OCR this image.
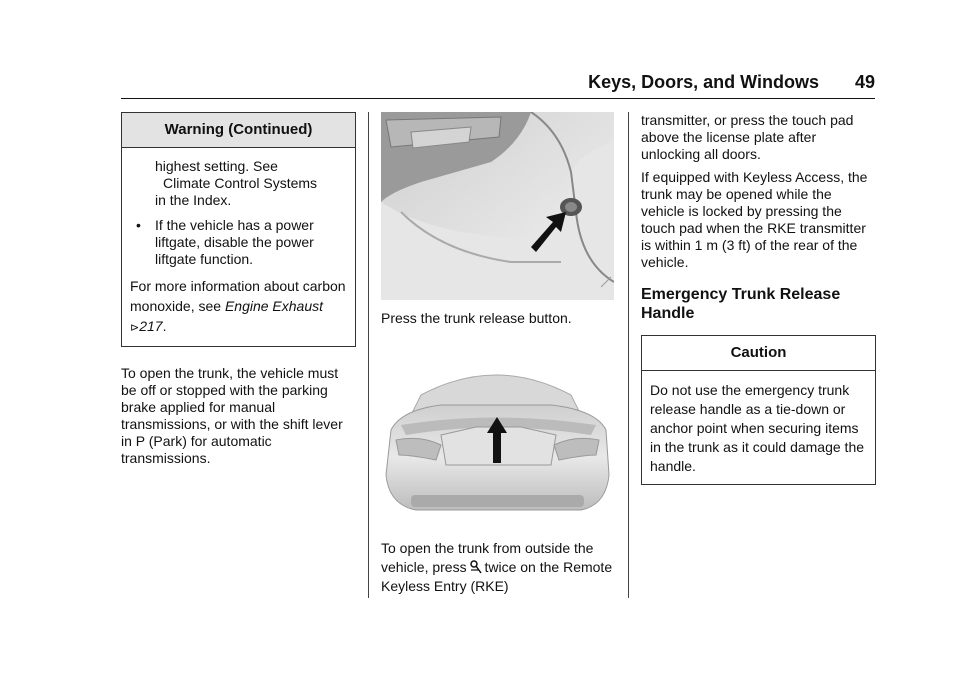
Keys, Doors, and Windows 49
Warning (Continued)
highest setting. See
Climate Control Systems
in the Index.
• If the vehicle has a power liftgate, disable the power liftgate function.
For more information about carbon monoxide, see Engine Exhaust ⊳217.

To open the trunk, the vehicle must be off or stopped with the parking brake applied for manual transmissions, or with the shift lever in P (Park) for automatic transmissions.

Press the trunk release button.

To open the trunk from outside the vehicle, press twice on the Remote Keyless Entry (RKE)

transmitter, or press the touch pad above the license plate after unlocking all doors.

If equipped with Keyless Access, the trunk may be opened while the vehicle is locked by pressing the touch pad when the RKE transmitter is within 1 m (3 ft) of the rear of the vehicle.

Emergency Trunk Release Handle
Caution
Do not use the emergency trunk release handle as a tie-down or anchor point when securing items in the trunk as it could damage the handle.
